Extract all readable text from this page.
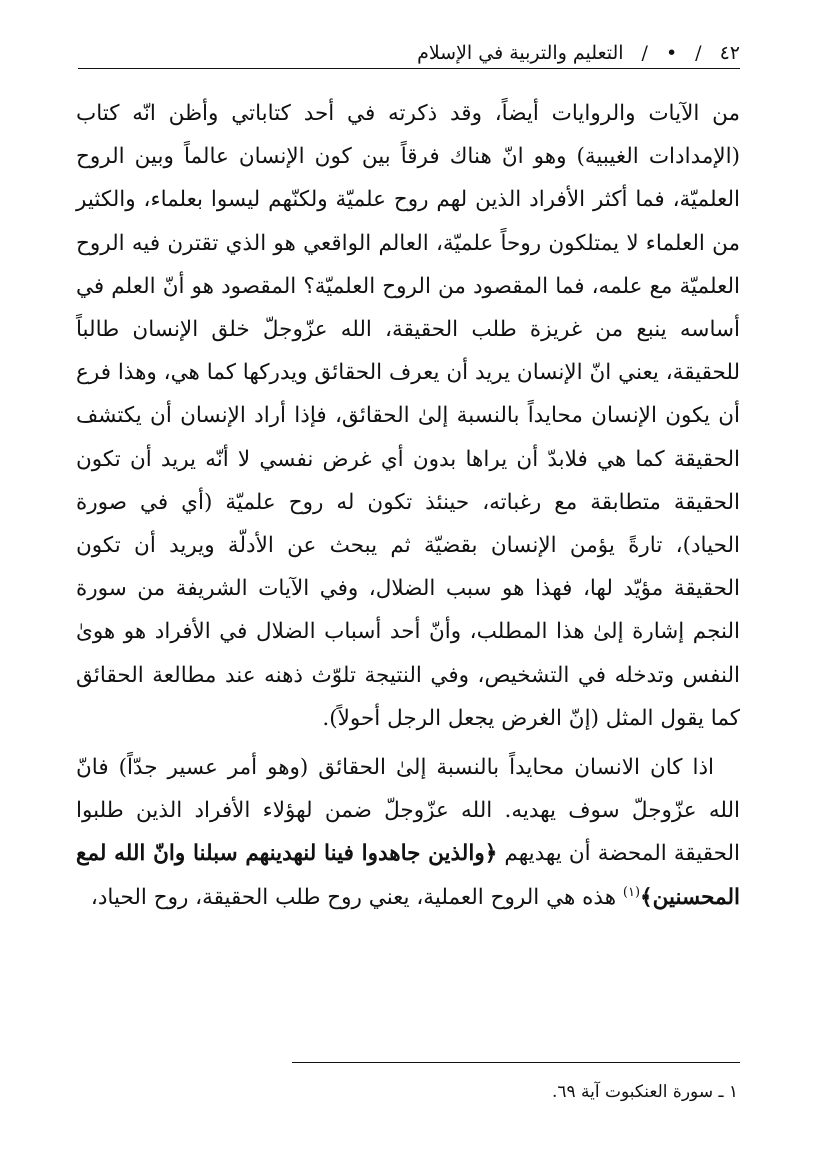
٤٢
/
•
/
التعليم والتربية في الإسلام

من الآيات والروايات أيضاً، وقد ذكرته في أحد كتاباتي وأظن انّه كتاب (الإمدادات الغيبية) وهو انّ هناك فرقاً بين كون الإنسان عالماً وبين الروح العلميّة، فما أكثر الأفراد الذين لهم روح علميّة ولكنّهم ليسوا بعلماء، والكثير من العلماء لا يمتلكون روحاً علميّة، العالم الواقعي هو الذي تقترن فيه الروح العلميّة مع علمه، فما المقصود من الروح العلميّة؟ المقصود هو أنّ العلم في أساسه ينبع من غريزة طلب الحقيقة، الله عزّوجلّ خلق الإنسان طالباً للحقيقة، يعني انّ الإنسان يريد أن يعرف الحقائق ويدركها كما هي، وهذا فرع أن يكون الإنسان محايداً بالنسبة إلىٰ الحقائق، فإذا أراد الإنسان أن يكتشف الحقيقة كما هي فلابدّ أن يراها بدون أي غرض نفسي لا أنّه يريد أن تكون الحقيقة متطابقة مع رغباته، حينئذ تكون له روح علميّة (أي في صورة الحياد)، تارةً يؤمن الإنسان بقضيّة ثم يبحث عن الأدلّة ويريد أن تكون الحقيقة مؤيّد لها، فهذا هو سبب الضلال، وفي الآيات الشريفة من سورة النجم إشارة إلىٰ هذا المطلب، وأنّ أحد أسباب الضلال في الأفراد هو هوىٰ النفس وتدخله في التشخيص، وفي النتيجة تلوّث ذهنه عند مطالعة الحقائق كما يقول المثل (إنّ الغرض يجعل الرجل أحولاً).

اذا كان الانسان محايداً بالنسبة إلىٰ الحقائق (وهو أمر عسير جدّاً) فانّ الله عزّوجلّ سوف يهديه. الله عزّوجلّ ضمن لهؤلاء الأفراد الذين طلبوا الحقيقة المحضة أن يهديهم ﴿والذين جاهدوا فينا لنهدينهم سبلنا وانّ الله لمع المحسنين﴾$^{(١)}$ هذه هي الروح العملية، يعني روح طلب الحقيقة، روح الحياد،

١ ـ سورة العنكبوت آية ٦٩.
